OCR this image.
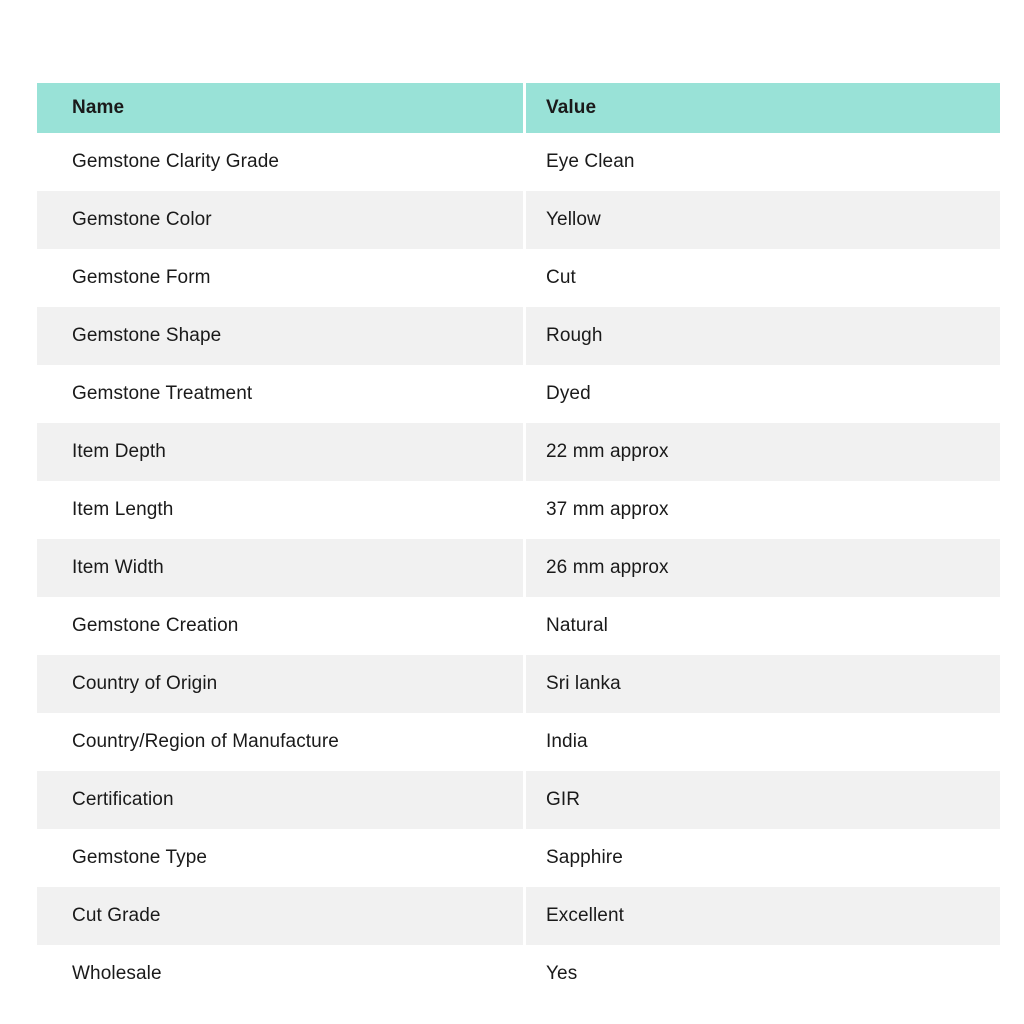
Name	Value
Gemstone Clarity Grade	Eye Clean
Gemstone Color	Yellow
Gemstone Form	Cut
Gemstone Shape	Rough
Gemstone Treatment	Dyed
Item Depth	22 mm approx
Item Length	37 mm approx
Item Width	26 mm approx
Gemstone Creation	Natural
Country of Origin	Sri lanka
Country/Region of Manufacture	India
Certification	GIR
Gemstone Type	Sapphire
Cut Grade	Excellent
Wholesale	Yes
